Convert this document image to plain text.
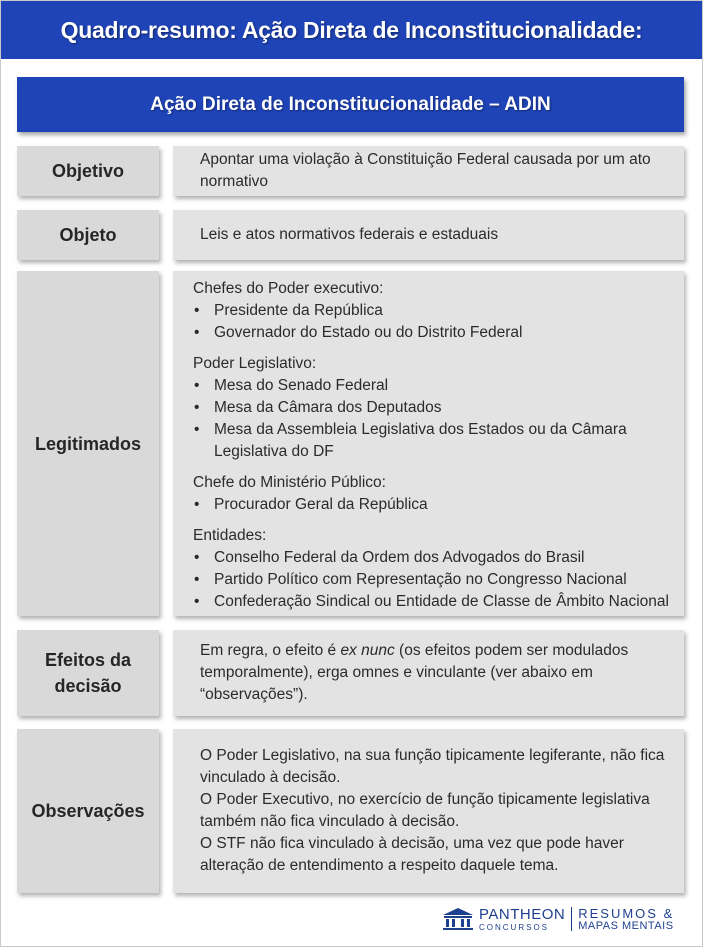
Quadro-resumo: Ação Direta de Inconstitucionalidade:
Ação Direta de Inconstitucionalidade – ADIN
Objetivo

Apontar uma violação à Constituição Federal causada por um ato normativo

Objeto	Leis e atos normativos federais e estaduais

Legitimados
Chefes do Poder executivo:
• Presidente da República
• Governador do Estado ou do Distrito Federal
Poder Legislativo:
• Mesa do Senado Federal
• Mesa da Câmara dos Deputados
• Mesa da Assembleia Legislativa dos Estados ou da Câmara Legislativa do DF
Chefe do Ministério Público:
• Procurador Geral da República
Entidades:
• Conselho Federal da Ordem dos Advogados do Brasil
• Partido Político com Representação no Congresso Nacional
• Confederação Sindical ou Entidade de Classe de Âmbito Nacional
Efeitos da decisão

Em regra, o efeito é ex nunc (os efeitos podem ser modulados temporalmente), erga omnes e vinculante (ver abaixo em “observações”).

Observações

O Poder Legislativo, na sua função tipicamente legiferante, não fica vinculado à decisão.

O Poder Executivo, no exercício de função tipicamente legislativa também não fica vinculado à decisão.

O STF não fica vinculado à decisão, uma vez que pode haver alteração de entendimento a respeito daquele tema.

PANTHEON
CONCURSOS
RESUMOS &
MAPAS MENTAIS
